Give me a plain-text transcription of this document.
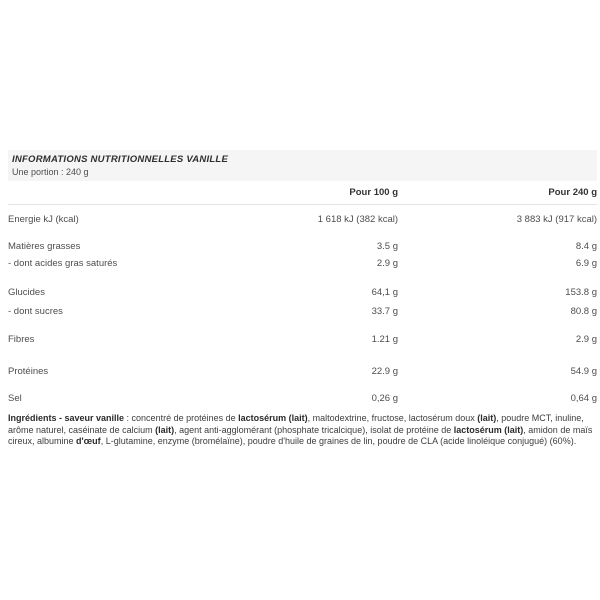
INFORMATIONS NUTRITIONNELLES VANILLE
Une portion : 240 g
Pour 100 g	Pour 240 g
Energie kJ (kcal)	1 618 kJ (382 kcal)	3 883 kJ (917 kcal)
Matières grasses	3.5 g	8.4 g
- dont acides gras saturés	2.9 g	6.9 g
Glucides	64,1 g	153.8 g
- dont sucres	33.7 g	80.8 g
Fibres	1.21 g	2.9 g
Protéines	22.9 g	54.9 g
Sel	0,26 g	0,64 g
Ingrédients - saveur vanille : concentré de protéines de lactosérum (lait), maltodextrine, fructose, lactosérum doux (lait), poudre MCT, inuline, arôme naturel, caséinate de calcium (lait), agent anti-agglomérant (phosphate tricalcique), isolat de protéine de lactosérum (lait), amidon de maïs cireux, albumine d'œuf, L-glutamine, enzyme (bromélaïne), poudre d'huile de graines de lin, poudre de CLA (acide linoléique conjugué) (60%).
